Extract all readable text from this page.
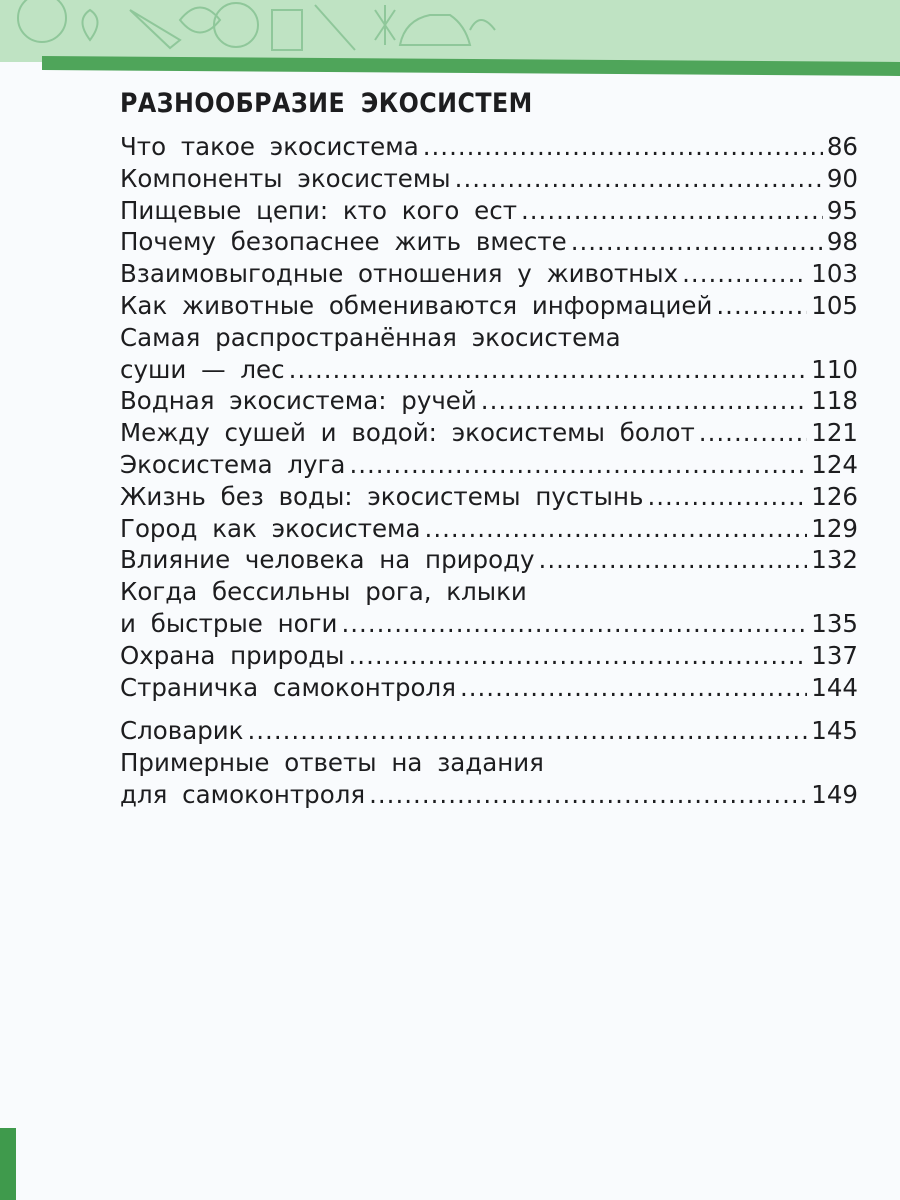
РАЗНООБРАЗИЕ ЭКОСИСТЕМ
Что такое экосистема .....	86
Компоненты экосистемы .....	90
Пищевые цепи: кто кого ест .....	95
Почему безопаснее жить вместе .....	98
Взаимовыгодные отношения у животных .....	103
Как животные обмениваются информацией .....	105
Самая распространённая экосистема
суши — лес .....	110
Водная экосистема: ручей .....	118
Между сушей и водой: экосистемы болот .....	121
Экосистема луга .....	124
Жизнь без воды: экосистемы пустынь .....	126
Город как экосистема .....	129
Влияние человека на природу .....	132
Когда бессильны рога, клыки
и быстрые ноги .....	135
Охрана природы .....	137
Страничка самоконтроля .....	144
Словарик .....	145
Примерные ответы на задания
для самоконтроля .....	149
